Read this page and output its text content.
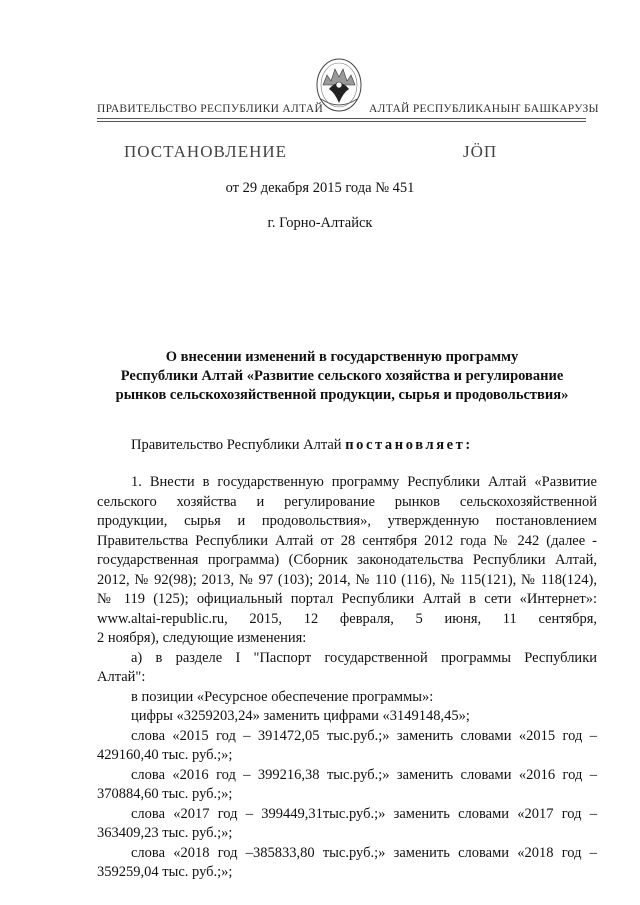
ПРАВИТЕЛЬСТВО РЕСПУБЛИКИ АЛТАЙ	АЛТАЙ РЕСПУБЛИКАНЫҤ БАШКАРУЗЫ
ПОСТАНОВЛЕНИЕ	JӦП
от 29 декабря 2015 года № 451
г. Горно-Алтайск
О внесении изменений в государственную программу
Республики Алтай «Развитие сельского хозяйства и регулирование
рынков сельскохозяйственной продукции, сырья и продовольствия»
Правительство Республики Алтай постановляет:
1. Внести в государственную программу Республики Алтай «Развитие
сельского хозяйства и регулирование рынков сельскохозяйственной
продукции, сырья и продовольствия», утвержденную постановлением
Правительства Республики Алтай от 28 сентября 2012 года № 242 (далее -
государственная программа) (Сборник законодательства Республики Алтай,
2012, № 92(98); 2013, № 97 (103); 2014, № 110 (116), № 115(121), № 118(124),
№ 119 (125); официальный портал Республики Алтай в сети «Интернет»:
www.altai-republic.ru, 2015, 12 февраля, 5 июня, 11 сентября,
2 ноября), следующие изменения:
а) в разделе I "Паспорт государственной программы Республики
Алтай":
в позиции «Ресурсное обеспечение программы»:
цифры «3259203,24» заменить цифрами «3149148,45»;
слова «2015 год – 391472,05 тыс.руб.;» заменить словами «2015 год –
429160,40 тыс. руб.;»;
слова «2016 год – 399216,38 тыс.руб.;» заменить словами «2016 год –
370884,60 тыс. руб.;»;
слова «2017 год – 399449,31тыс.руб.;» заменить словами «2017 год –
363409,23 тыс. руб.;»;
слова «2018 год –385833,80 тыс.руб.;» заменить словами «2018 год –
359259,04 тыс. руб.;»;
